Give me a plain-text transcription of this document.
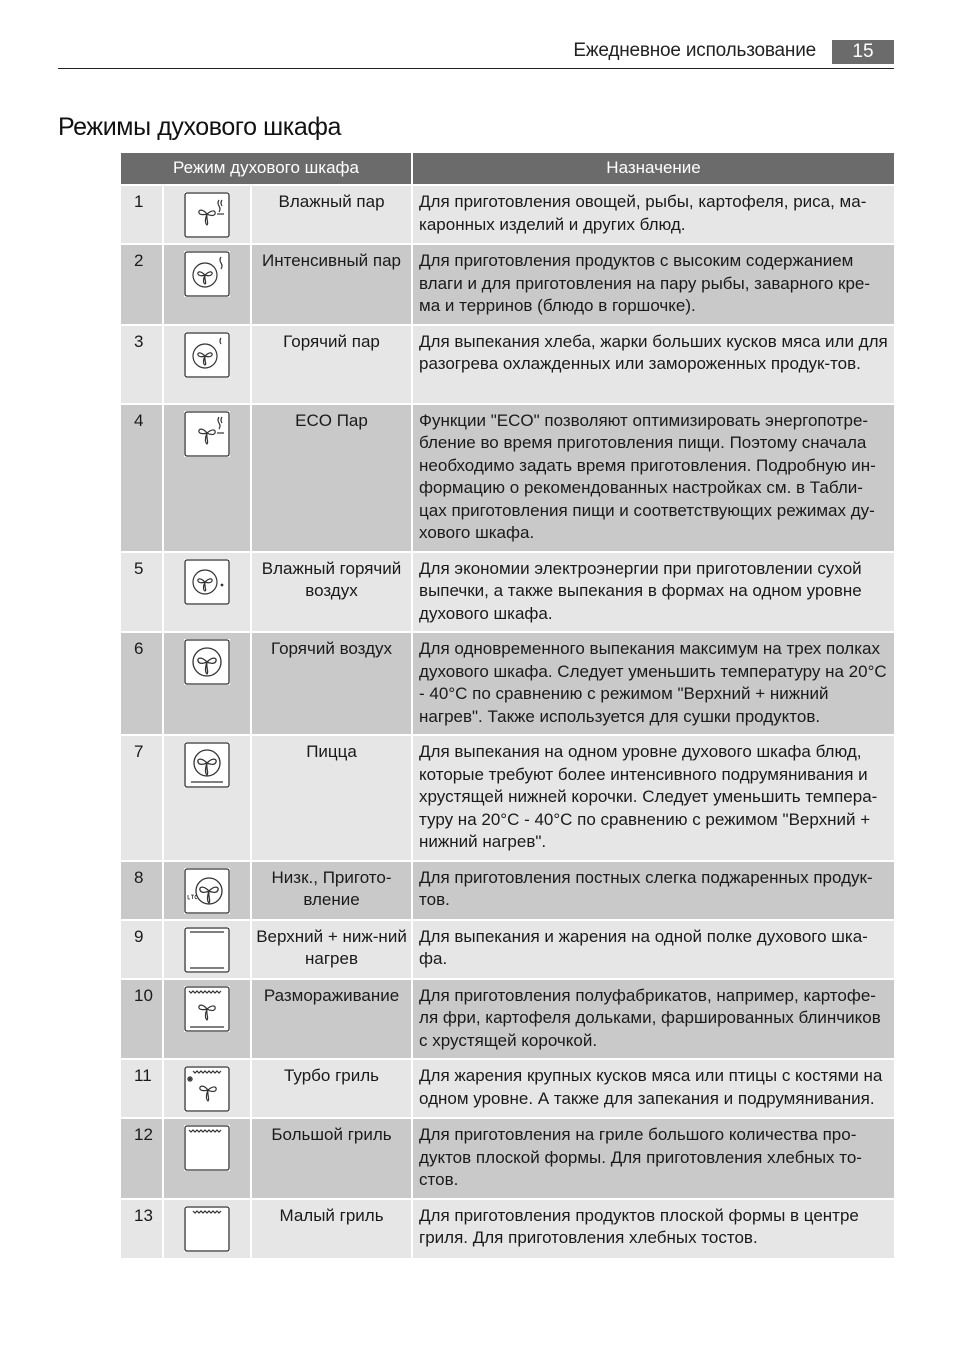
Ежедневное использование	15
Режимы духового шкафа
Режим духового шкафа			Назначение
1		Влажный пар	Для приготовления овощей, рыбы, картофеля, риса, ма-каронных изделий и других блюд.
2		Интенсивный пар	Для приготовления продуктов с высоким содержанием влаги и для приготовления на пару рыбы, заварного кре-ма и терринов (блюдо в горшочке).
3		Горячий пар	Для выпекания хлеба, жарки больших кусков мяса или для разогрева охлажденных или замороженных продук-тов.
4		ECO Пар	Функции "ECO" позволяют оптимизировать энергопотре-бление во время приготовления пищи. Поэтому сначала необходимо задать время приготовления. Подробную ин-формацию о рекомендованных настройках см. в Табли-цах приготовления пищи и соответствующих режимах ду-хового шкафа.
5		Влажный горячий воздух	Для экономии электроэнергии при приготовлении сухой выпечки, а также выпекания в формах на одном уровне духового шкафа.
6		Горячий воздух	Для одновременного выпекания максимум на трех полках духового шкафа. Следует уменьшить температуру на 20°C - 40°C по сравнению с режимом "Верхний + нижний нагрев". Также используется для сушки продуктов.
7		Пицца	Для выпекания на одном уровне духового шкафа блюд, которые требуют более интенсивного подрумянивания и хрустящей нижней корочки. Следует уменьшить темпера-туру на 20°C - 40°C по сравнению с режимом "Верхний + нижний нагрев".
8		Низк., Пригото-вление	Для приготовления постных слегка поджаренных продук-тов.
9		Верхний + ниж-ний нагрев	Для выпекания и жарения на одной полке духового шка-фа.
10		Размораживание	Для приготовления полуфабрикатов, например, картофе-ля фри, картофеля дольками, фаршированных блинчиков с хрустящей корочкой.
11		Турбо гриль	Для жарения крупных кусков мяса или птицы с костями на одном уровне. А также для запекания и подрумянивания.
12		Большой гриль	Для приготовления на гриле большого количества про-дуктов плоской формы. Для приготовления хлебных то-стов.
13		Малый гриль	Для приготовления продуктов плоской формы в центре гриля. Для приготовления хлебных тостов.
